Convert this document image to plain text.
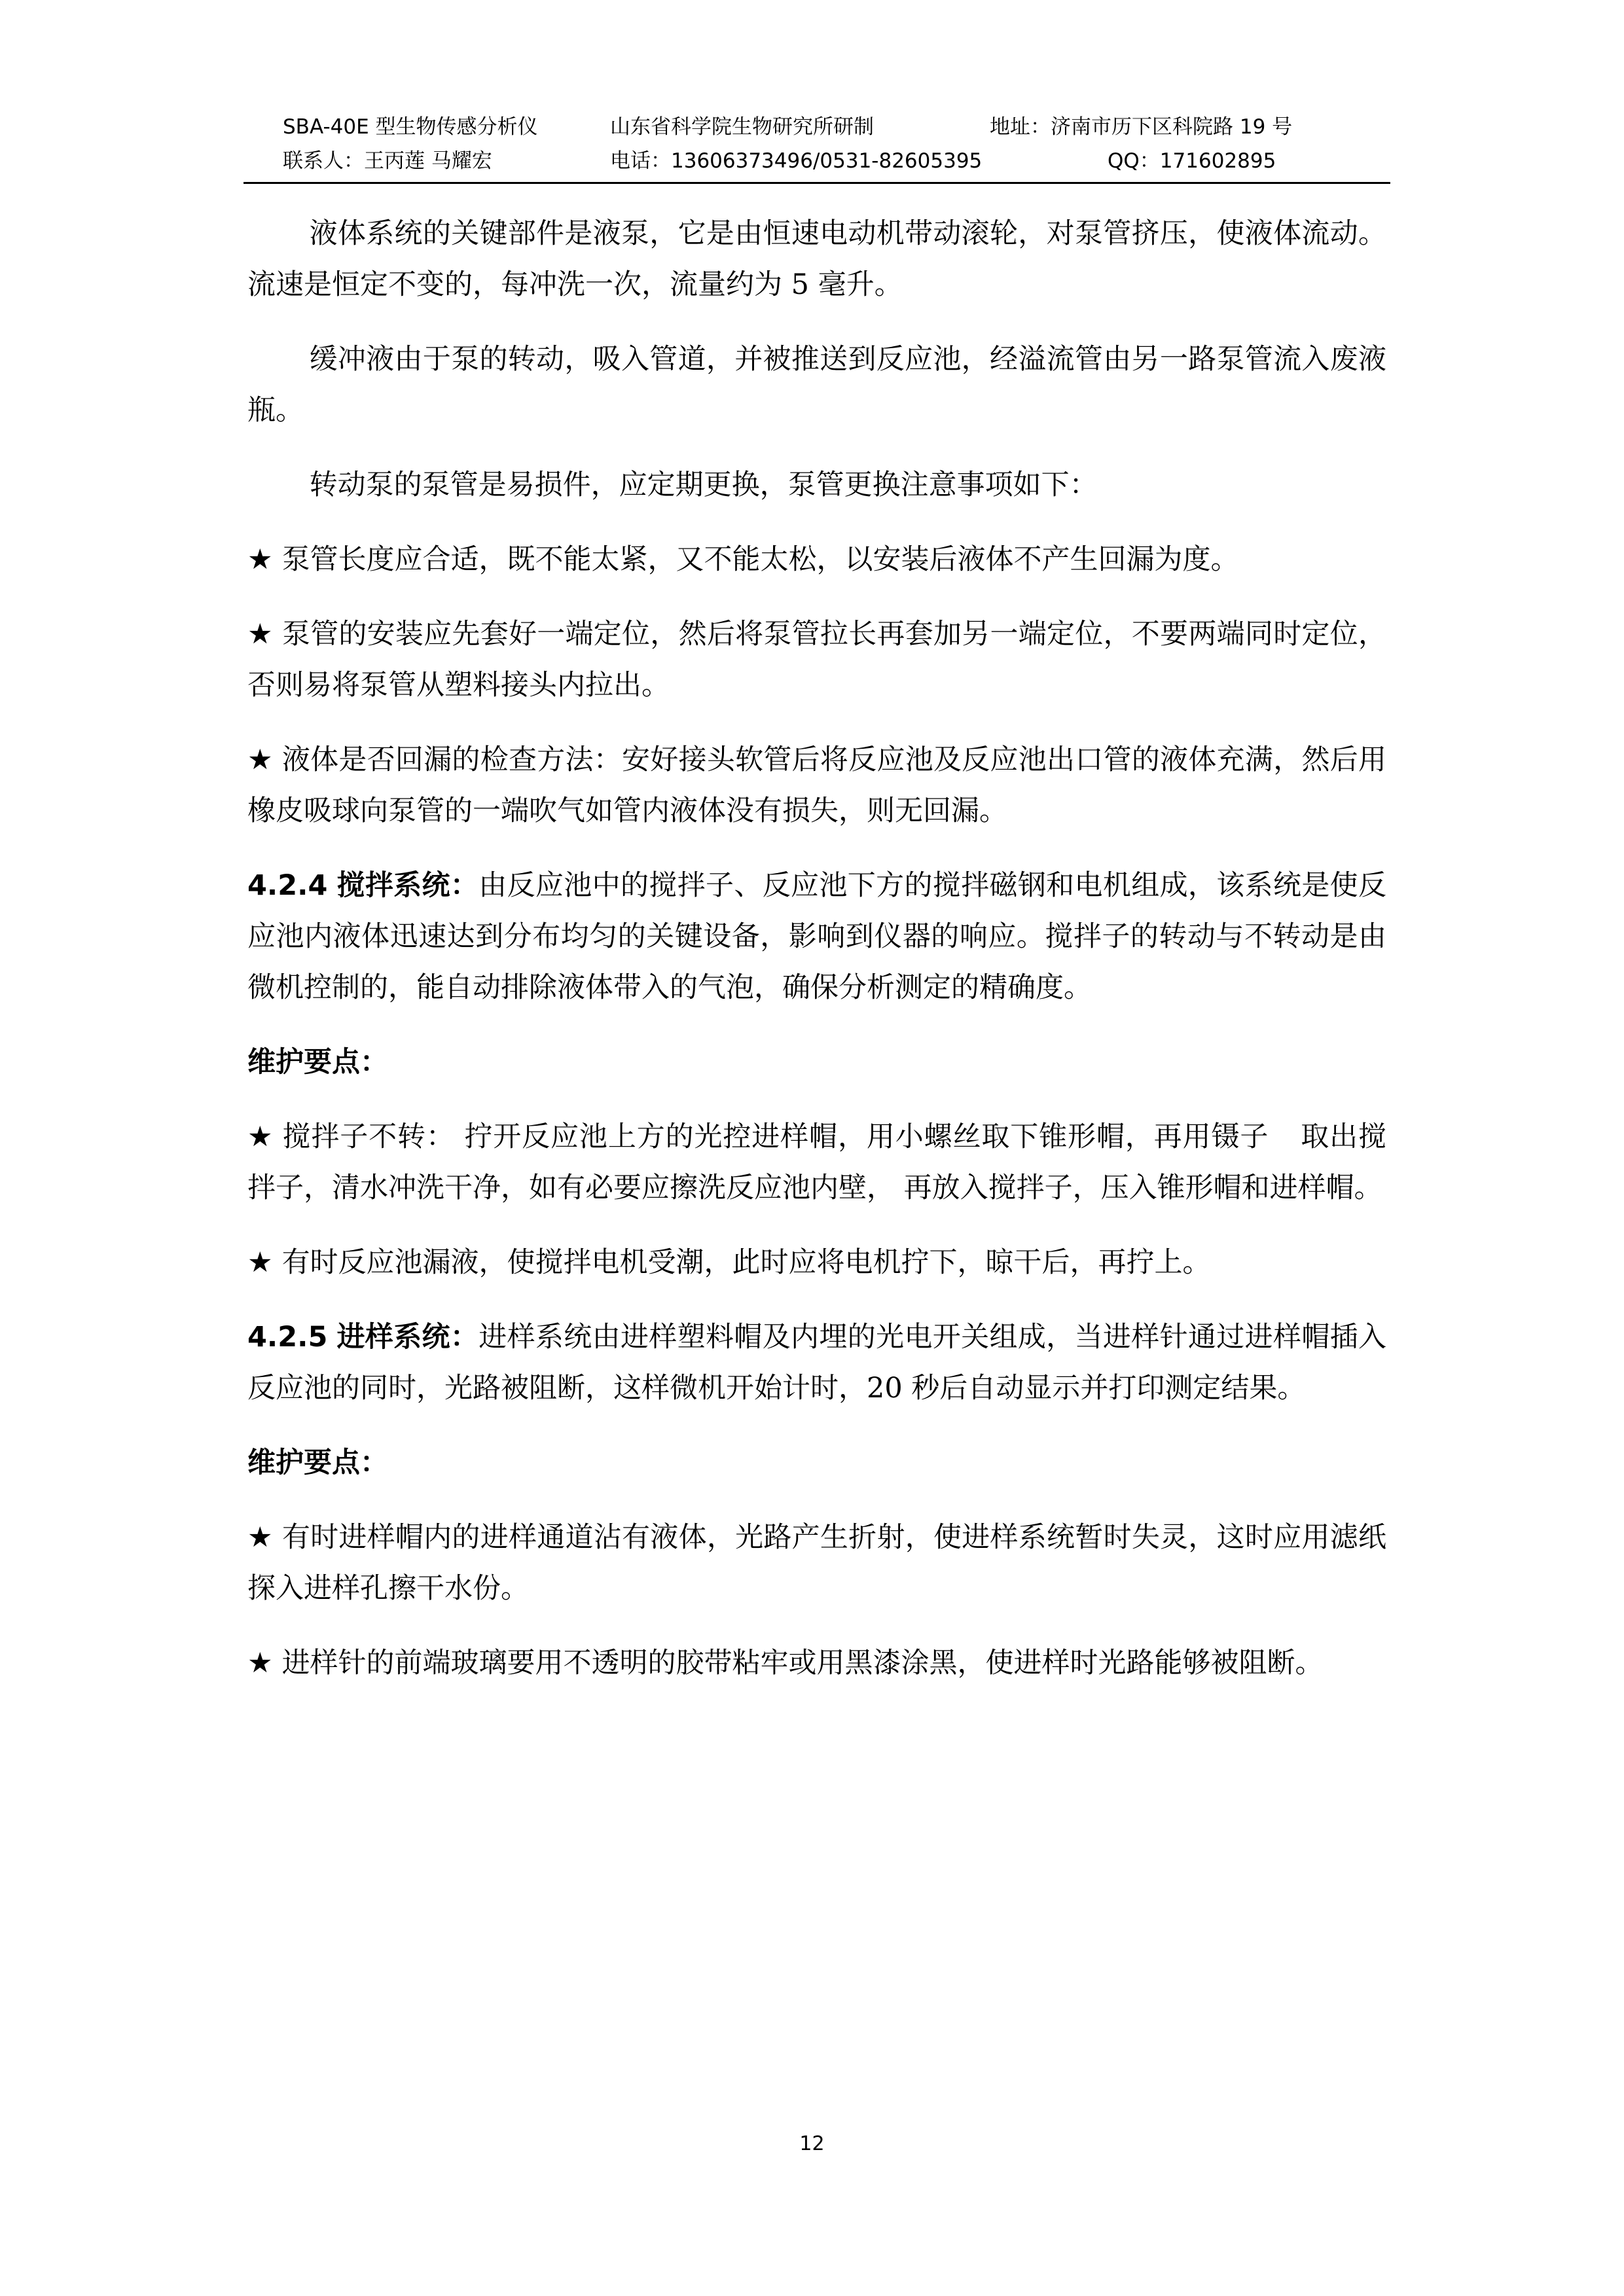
SBA-40E 型生物传感分析仪	山东省科学院生物研究所研制	地址：济南市历下区科院路 19 号
联系人：王丙莲 马耀宏	电话：13606373496/0531-82605395	QQ：171602895

液体系统的关键部件是液泵，它是由恒速电动机带动滚轮，对泵管挤压，使液体流动。流速是恒定不变的，每冲洗一次，流量约为 5 毫升。

缓冲液由于泵的转动，吸入管道，并被推送到反应池，经溢流管由另一路泵管流入废液瓶。

转动泵的泵管是易损件，应定期更换，泵管更换注意事项如下：

★ 泵管长度应合适，既不能太紧，又不能太松，以安装后液体不产生回漏为度。

★ 泵管的安装应先套好一端定位，然后将泵管拉长再套加另一端定位，不要两端同时定位，否则易将泵管从塑料接头内拉出。

★ 液体是否回漏的检查方法：安好接头软管后将反应池及反应池出口管的液体充满，然后用橡皮吸球向泵管的一端吹气如管内液体没有损失，则无回漏。

4.2.4 搅拌系统：由反应池中的搅拌子、反应池下方的搅拌磁钢和电机组成，该系统是使反应池内液体迅速达到分布均匀的关键设备，影响到仪器的响应。搅拌子的转动与不转动是由微机控制的，能自动排除液体带入的气泡，确保分析测定的精确度。

维护要点：

★ 搅拌子不转： 拧开反应池上方的光控进样帽，用小螺丝取下锥形帽，再用镊子 取出搅拌子，清水冲洗干净，如有必要应擦洗反应池内壁， 再放入搅拌子，压入锥形帽和进样帽。

★ 有时反应池漏液，使搅拌电机受潮，此时应将电机拧下，晾干后，再拧上。

4.2.5 进样系统：进样系统由进样塑料帽及内埋的光电开关组成，当进样针通过进样帽插入反应池的同时，光路被阻断，这样微机开始计时，20 秒后自动显示并打印测定结果。

维护要点：

★ 有时进样帽内的进样通道沾有液体，光路产生折射，使进样系统暂时失灵，这时应用滤纸探入进样孔擦干水份。

★ 进样针的前端玻璃要用不透明的胶带粘牢或用黑漆涂黑，使进样时光路能够被阻断。

12
